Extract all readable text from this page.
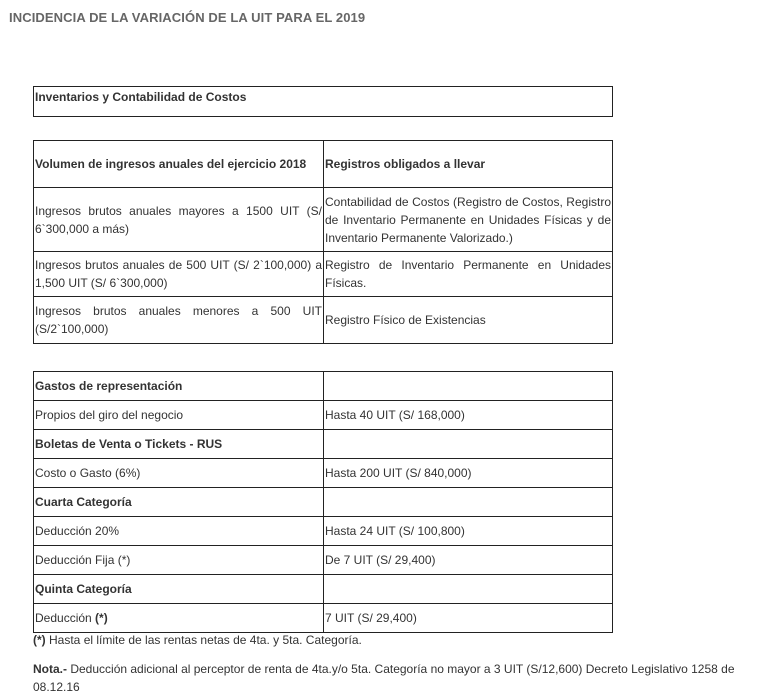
INCIDENCIA DE LA VARIACIÓN DE LA UIT PARA EL 2019
Inventarios y Contabilidad de Costos
Volumen de ingresos anuales del ejercicio 2018	Registros obligados a llevar
Ingresos brutos anuales mayores a 1500 UIT (S/ 6`300,000 a más)	Contabilidad de Costos (Registro de Costos, Registro de Inventario Permanente en Unidades Físicas y de Inventario Permanente Valorizado.)
Ingresos brutos anuales de 500 UIT (S/ 2`100,000) a 1,500 UIT (S/ 6`300,000)	Registro de Inventario Permanente en Unidades Físicas.
Ingresos brutos anuales menores a 500 UIT (S/2`100,000)	Registro Físico de Existencias
Gastos de representación	
Propios del giro del negocio	Hasta 40 UIT (S/ 168,000)
Boletas de Venta o Tickets - RUS	
Costo o Gasto (6%)	Hasta 200 UIT (S/ 840,000)
Cuarta Categoría	
Deducción 20%	Hasta 24 UIT (S/ 100,800)
Deducción Fija (*)	De 7 UIT (S/ 29,400)
Quinta Categoría	
Deducción (*)	7 UIT (S/ 29,400)
(*) Hasta el límite de las rentas netas de 4ta. y 5ta. Categoría.
Nota.- Deducción adicional al perceptor de renta de 4ta.y/o 5ta. Categoría no mayor a 3 UIT (S/12,600) Decreto Legislativo 1258 de 08.12.16
